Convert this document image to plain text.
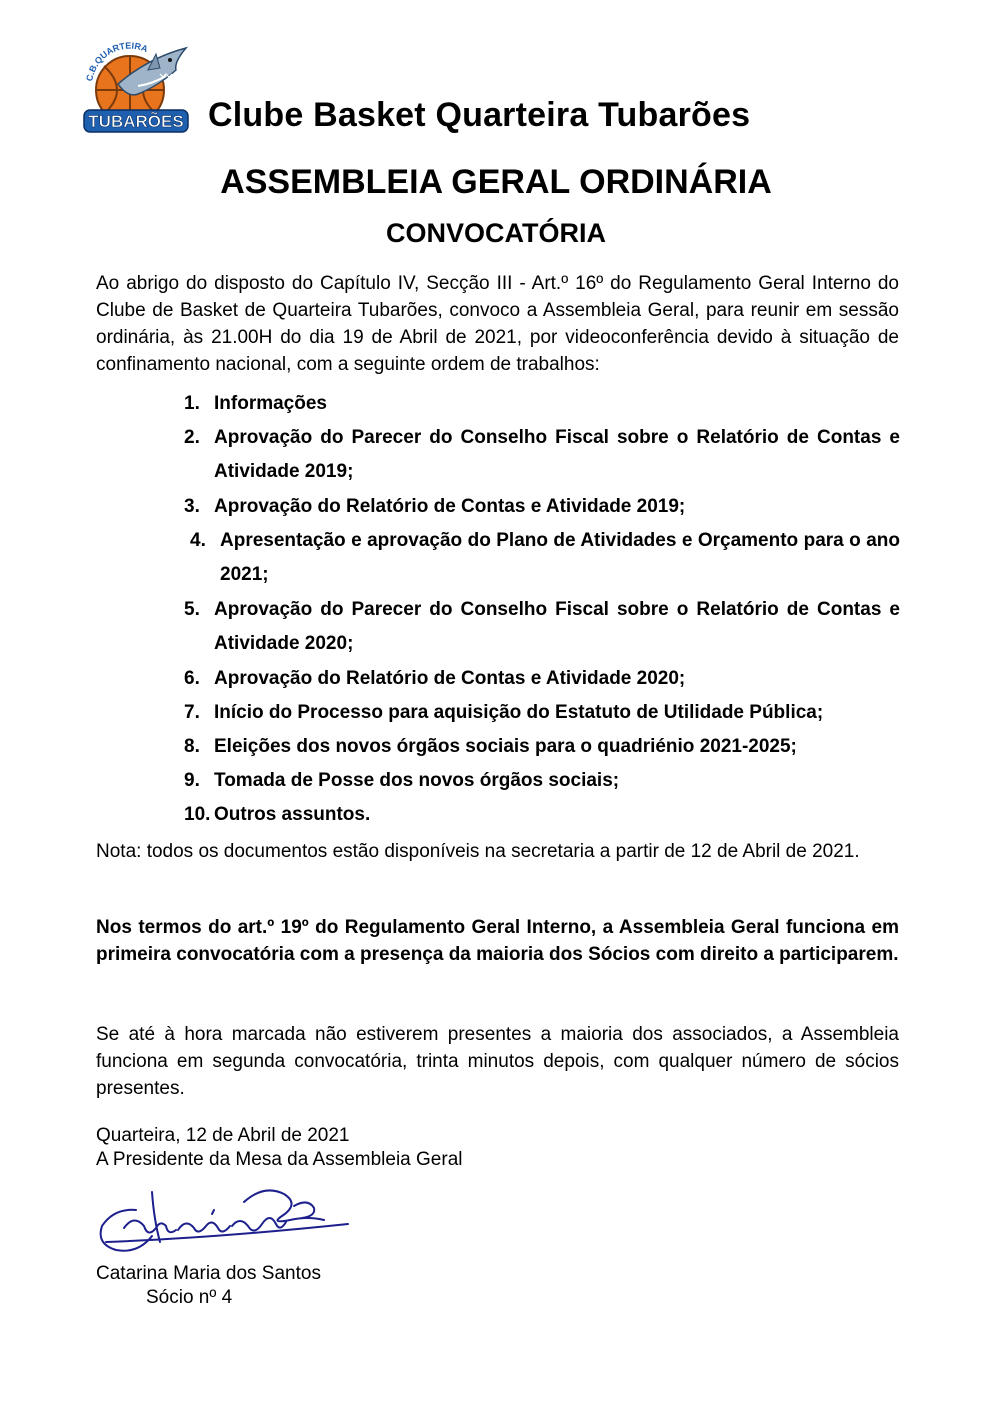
C.B.QUARTEIRA
TUBARÕES Clube Basket Quarteira Tubarões
ASSEMBLEIA GERAL ORDINÁRIA
CONVOCATÓRIA
Ao abrigo do disposto do Capítulo IV, Secção III - Art.º 16º do Regulamento Geral Interno do Clube de Basket de Quarteira Tubarões, convoco a Assembleia Geral, para reunir em sessão ordinária, às 21.00H do dia 19 de Abril de 2021, por videoconferência devido à situação de confinamento nacional, com a seguinte ordem de trabalhos:
1. Informações
2. Aprovação do Parecer do Conselho Fiscal sobre o Relatório de Contas e Atividade 2019;
3. Aprovação do Relatório de Contas e Atividade 2019;
4. Apresentação e aprovação do Plano de Atividades e Orçamento para o ano 2021;
5. Aprovação do Parecer do Conselho Fiscal sobre o Relatório de Contas e Atividade 2020;
6. Aprovação do Relatório de Contas e Atividade 2020;
7. Início do Processo para aquisição do Estatuto de Utilidade Pública;
8. Eleições dos novos órgãos sociais para o quadriénio 2021-2025;
9. Tomada de Posse dos novos órgãos sociais;
10. Outros assuntos.
Nota: todos os documentos estão disponíveis na secretaria a partir de 12 de Abril de 2021.
Nos termos do art.º 19º do Regulamento Geral Interno, a Assembleia Geral funciona em primeira convocatória com a presença da maioria dos Sócios com direito a participarem.
Se até à hora marcada não estiverem presentes a maioria dos associados, a Assembleia funciona em segunda convocatória, trinta minutos depois, com qualquer número de sócios presentes.
Quarteira, 12 de Abril de 2021
A Presidente da Mesa da Assembleia Geral
Catarina Maria dos Santos
Sócio nº 4
